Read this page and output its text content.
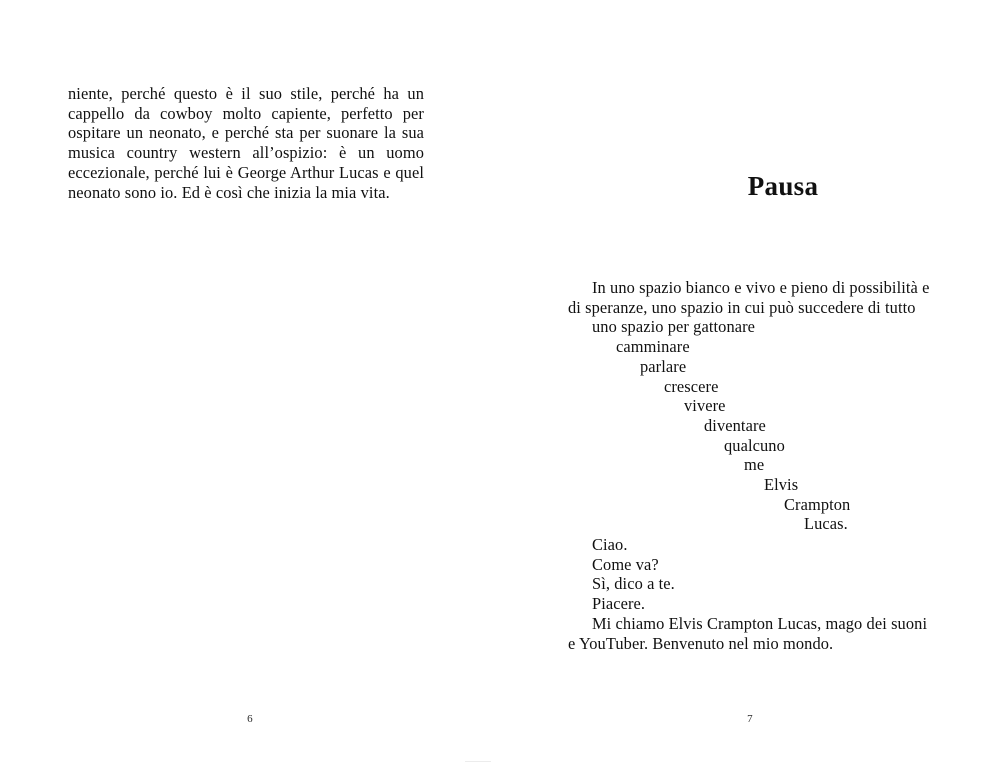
niente, perché questo è il suo stile, perché ha un cappello da cowboy molto capiente, perfetto per ospitare un neonato, e perché sta per suonare la sua musica country western all’ospizio: è un uomo eccezionale, perché lui è George Arthur Lucas e quel neonato sono io. Ed è così che inizia la mia vita.

6
Pausa

In uno spazio bianco e vivo e pieno di possibilità e

di speranze, uno spazio in cui può succedere di tutto

uno spazio per gattonare

camminare

parlare

crescere

vivere

diventare

qualcuno

me

Elvis

Crampton

Lucas.

Ciao.

Come va?

Sì, dico a te.

Piacere.

Mi chiamo Elvis Crampton Lucas, mago dei suoni e YouTuber. Benvenuto nel mio mondo.

7
